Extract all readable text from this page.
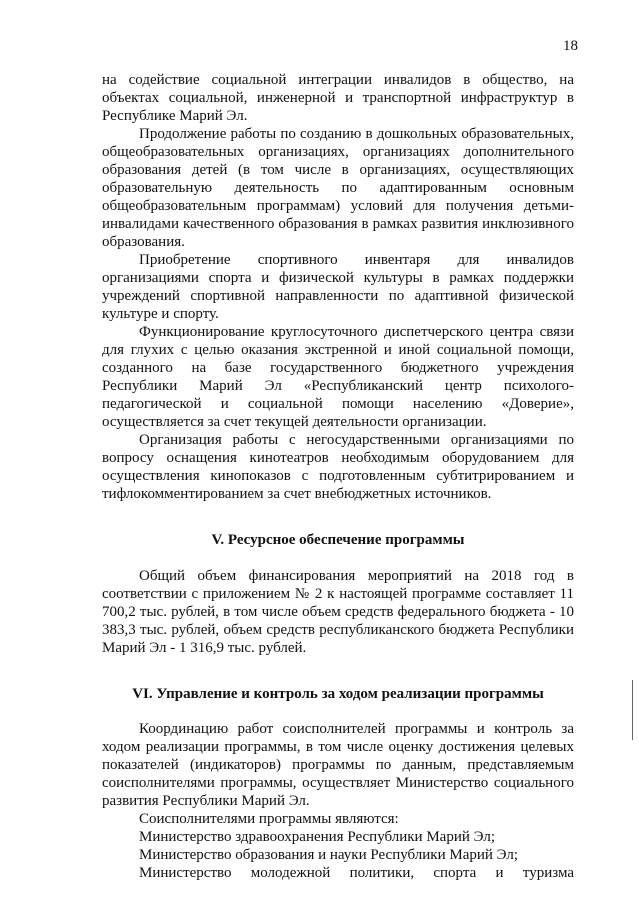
18

на содействие социальной интеграции инвалидов в общество, на объектах социальной, инженерной и транспортной инфраструктур в Республике Марий Эл.

Продолжение работы по созданию в дошкольных образовательных, общеобразовательных организациях, организациях дополнительного образования детей (в том числе в организациях, осуществляющих образовательную деятельность по адаптированным основным общеобразовательным программам) условий для получения детьми-инвалидами качественного образования в рамках развития инклюзивного образования.

Приобретение спортивного инвентаря для инвалидов организациями спорта и физической культуры в рамках поддержки учреждений спортивной направленности по адаптивной физической культуре и спорту.

Функционирование круглосуточного диспетчерского центра связи для глухих с целью оказания экстренной и иной социальной помощи, созданного на базе государственного бюджетного учреждения Республики Марий Эл «Республиканский центр психолого-педагогической и социальной помощи населению «Доверие», осуществляется за счет текущей деятельности организации.

Организация работы с негосударственными организациями по вопросу оснащения кинотеатров необходимым оборудованием для осуществления кинопоказов с подготовленным субтитрированием и тифлокомментированием за счет внебюджетных источников.

V. Ресурсное обеспечение программы

Общий объем финансирования мероприятий на 2018 год в соответствии с приложением № 2 к настоящей программе составляет 11 700,2 тыс. рублей, в том числе объем средств федерального бюджета - 10 383,3 тыс. рублей, объем средств республиканского бюджета Республики Марий Эл - 1 316,9 тыс. рублей.

VI. Управление и контроль за ходом реализации программы

Координацию работ соисполнителей программы и контроль за ходом реализации программы, в том числе оценку достижения целевых показателей (индикаторов) программы по данным, представляемым соисполнителями программы, осуществляет Министерство социального развития Республики Марий Эл.

Соисполнителями программы являются:

Министерство здравоохранения Республики Марий Эл;

Министерство образования и науки Республики Марий Эл;

Министерство молодежной политики, спорта и туризма
